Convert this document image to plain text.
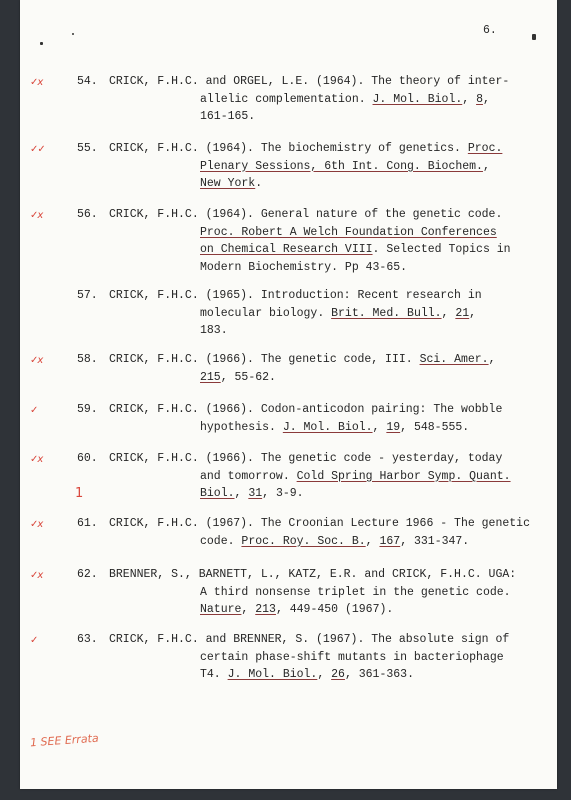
6.
✓x	54. CRICK, F.H.C. and ORGEL, L.E. (1964). The theory of inter-
allelic complementation. J. Mol. Biol., 8,
161-165.
✓✓	55. CRICK, F.H.C. (1964). The biochemistry of genetics. Proc.
Plenary Sessions, 6th Int. Cong. Biochem.,
New York.
✓x	56. CRICK, F.H.C. (1964). General nature of the genetic code.
Proc. Robert A Welch Foundation Conferences
on Chemical Research VIII. Selected Topics in
Modern Biochemistry. Pp 43-65.
57. CRICK, F.H.C. (1965). Introduction: Recent research in
molecular biology. Brit. Med. Bull., 21,
183.
✓x	58. CRICK, F.H.C. (1966). The genetic code, III. Sci. Amer.,
215, 55-62.
✓	59. CRICK, F.H.C. (1966). Codon-anticodon pairing: The wobble
hypothesis. J. Mol. Biol., 19, 548-555.
✓x	60. CRICK, F.H.C. (1966). The genetic code - yesterday, today
and tomorrow. Cold Spring Harbor Symp. Quant.
Biol., 31, 3-9.
1
✓x	61. CRICK, F.H.C. (1967). The Croonian Lecture 1966 - The genetic
code. Proc. Roy. Soc. B., 167, 331-347.
✓x	62. BRENNER, S., BARNETT, L., KATZ, E.R. and CRICK, F.H.C. UGA:
A third nonsense triplet in the genetic code.
Nature, 213, 449-450 (1967).
✓	63. CRICK, F.H.C. and BRENNER, S. (1967). The absolute sign of
certain phase-shift mutants in bacteriophage
T4. J. Mol. Biol., 26, 361-363.
1 SEE Errata
